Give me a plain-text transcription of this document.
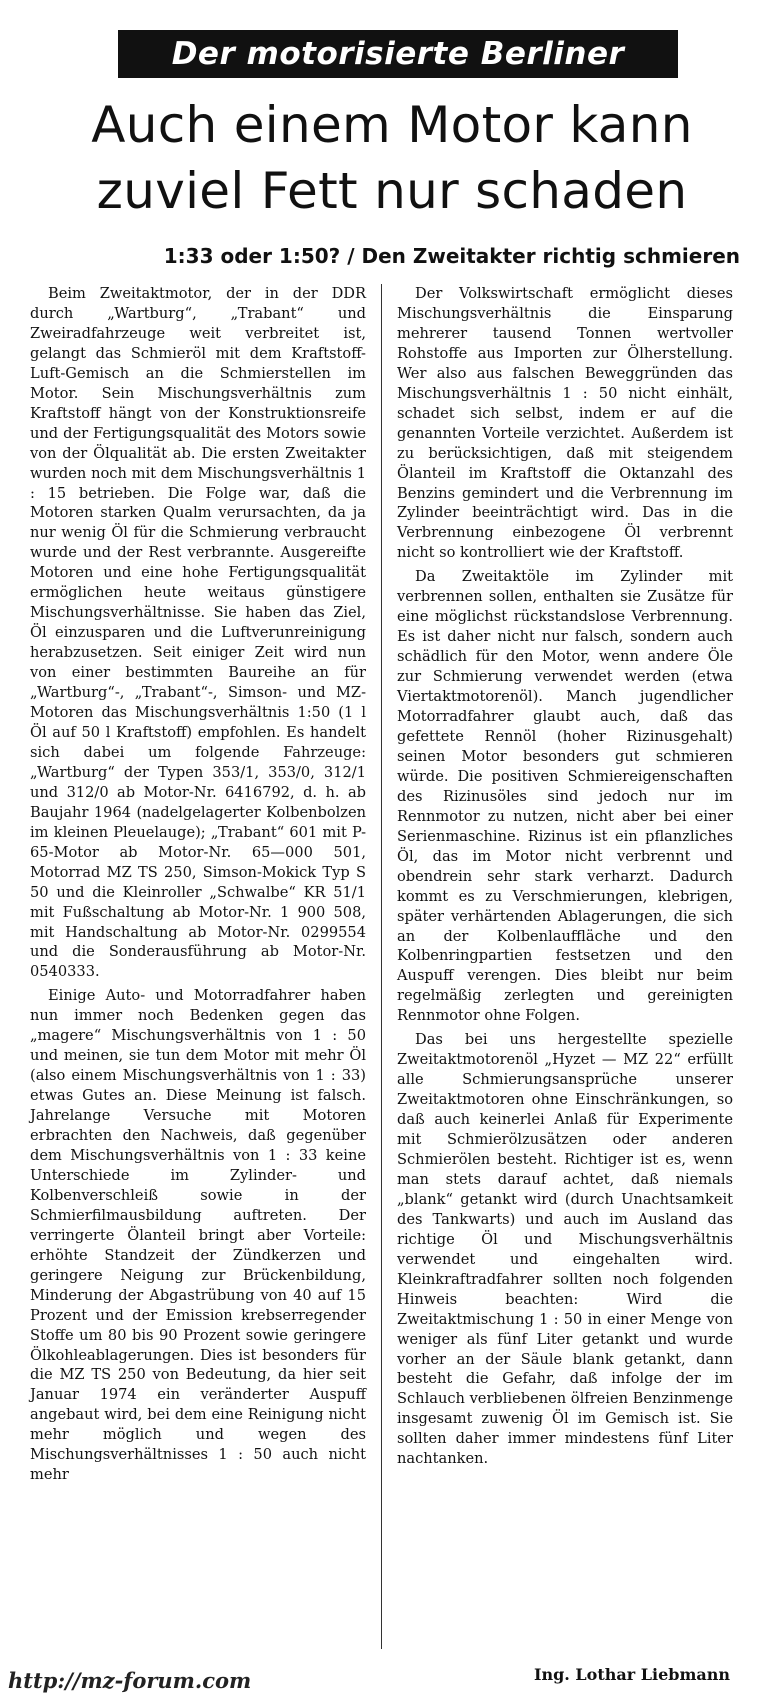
Der motorisierte Berliner
Auch einem Motor kann
zuviel Fett nur schaden
1:33 oder 1:50? / Den Zweitakter richtig schmieren

Beim Zweitaktmotor, der in der DDR durch „Wartburg“, „Trabant“ und Zweiradfahrzeuge weit verbreitet ist, gelangt das Schmieröl mit dem Kraftstoff-Luft-Gemisch an die Schmierstellen im Motor. Sein Mischungsverhältnis zum Kraftstoff hängt von der Konstruktionsreife und der Fertigungsqualität des Motors sowie von der Ölqualität ab. Die ersten Zweitakter wurden noch mit dem Mischungsverhältnis 1 : 15 betrieben. Die Folge war, daß die Motoren starken Qualm verursachten, da ja nur wenig Öl für die Schmierung verbraucht wurde und der Rest verbrannte. Ausgereifte Motoren und eine hohe Fertigungsqualität ermöglichen heute weitaus günstigere Mischungsverhältnisse. Sie haben das Ziel, Öl einzusparen und die Luftverunreinigung herabzusetzen. Seit einiger Zeit wird nun von einer bestimmten Baureihe an für „Wartburg“-, „Trabant“-, Simson- und MZ-Motoren das Mischungsverhältnis 1:50 (1 l Öl auf 50 l Kraftstoff) empfohlen. Es handelt sich dabei um folgende Fahrzeuge: „Wartburg“ der Typen 353/1, 353/0, 312/1 und 312/0 ab Motor-Nr. 6416792, d. h. ab Baujahr 1964 (nadelgelagerter Kolbenbolzen im kleinen Pleuelauge); „Trabant“ 601 mit P-65-Motor ab Motor-Nr. 65—000 501, Motorrad MZ TS 250, Simson-Mokick Typ S 50 und die Kleinroller „Schwalbe“ KR 51/1 mit Fußschaltung ab Motor-Nr. 1 900 508, mit Handschaltung ab Motor-Nr. 0299554 und die Sonderausführung ab Motor-Nr. 0540333.

Einige Auto- und Motorradfahrer haben nun immer noch Bedenken gegen das „magere“ Mischungsverhältnis von 1 : 50 und meinen, sie tun dem Motor mit mehr Öl (also einem Mischungsverhältnis von 1 : 33) etwas Gutes an. Diese Meinung ist falsch. Jahrelange Versuche mit Motoren erbrachten den Nachweis, daß gegenüber dem Mischungsverhältnis von 1 : 33 keine Unterschiede im Zylinder- und Kolbenverschleiß sowie in der Schmierfilmausbildung auftreten. Der verringerte Ölanteil bringt aber Vorteile: erhöhte Standzeit der Zündkerzen und geringere Neigung zur Brückenbildung, Minderung der Abgastrübung von 40 auf 15 Prozent und der Emission krebserregender Stoffe um 80 bis 90 Prozent sowie geringere Ölkohleablagerungen. Dies ist besonders für die MZ TS 250 von Bedeutung, da hier seit Januar 1974 ein veränderter Auspuff angebaut wird, bei dem eine Reinigung nicht mehr möglich und wegen des Mischungsverhältnisses 1 : 50 auch nicht mehr

Der Volkswirtschaft ermöglicht dieses Mischungsverhältnis die Einsparung mehrerer tausend Tonnen wertvoller Rohstoffe aus Importen zur Ölherstellung. Wer also aus falschen Beweggründen das Mischungsverhältnis 1 : 50 nicht einhält, schadet sich selbst, indem er auf die genannten Vorteile verzichtet. Außerdem ist zu berücksichtigen, daß mit steigendem Ölanteil im Kraftstoff die Oktanzahl des Benzins gemindert und die Verbrennung im Zylinder beeinträchtigt wird. Das in die Verbrennung einbezogene Öl verbrennt nicht so kontrolliert wie der Kraftstoff.

Da Zweitaktöle im Zylinder mit verbrennen sollen, enthalten sie Zusätze für eine möglichst rückstandslose Verbrennung. Es ist daher nicht nur falsch, sondern auch schädlich für den Motor, wenn andere Öle zur Schmierung verwendet werden (etwa Viertaktmotorenöl). Manch jugendlicher Motorradfahrer glaubt auch, daß das gefettete Rennöl (hoher Rizinusgehalt) seinen Motor besonders gut schmieren würde. Die positiven Schmiereigenschaften des Rizinusöles sind jedoch nur im Rennmotor zu nutzen, nicht aber bei einer Serienmaschine. Rizinus ist ein pflanzliches Öl, das im Motor nicht verbrennt und obendrein sehr stark verharzt. Dadurch kommt es zu Verschmierungen, klebrigen, später verhärtenden Ablagerungen, die sich an der Kolbenlauffläche und den Kolbenringpartien festsetzen und den Auspuff verengen. Dies bleibt nur beim regelmäßig zerlegten und gereinigten Rennmotor ohne Folgen.

Das bei uns hergestellte spezielle Zweitaktmotorenöl „Hyzet — MZ 22“ erfüllt alle Schmierungsansprüche unserer Zweitaktmotoren ohne Einschränkungen, so daß auch keinerlei Anlaß für Experimente mit Schmierölzusätzen oder anderen Schmierölen besteht. Richtiger ist es, wenn man stets darauf achtet, daß niemals „blank“ getankt wird (durch Unachtsamkeit des Tankwarts) und auch im Ausland das richtige Öl und Mischungsverhältnis verwendet und eingehalten wird. Kleinkraftradfahrer sollten noch folgenden Hinweis beachten: Wird die Zweitaktmischung 1 : 50 in einer Menge von weniger als fünf Liter getankt und wurde vorher an der Säule blank getankt, dann besteht die Gefahr, daß infolge der im Schlauch verbliebenen ölfreien Benzinmenge insgesamt zuwenig Öl im Gemisch ist. Sie sollten daher immer mindestens fünf Liter nachtanken.

Ing. Lothar Liebmann
http://mz-forum.com
